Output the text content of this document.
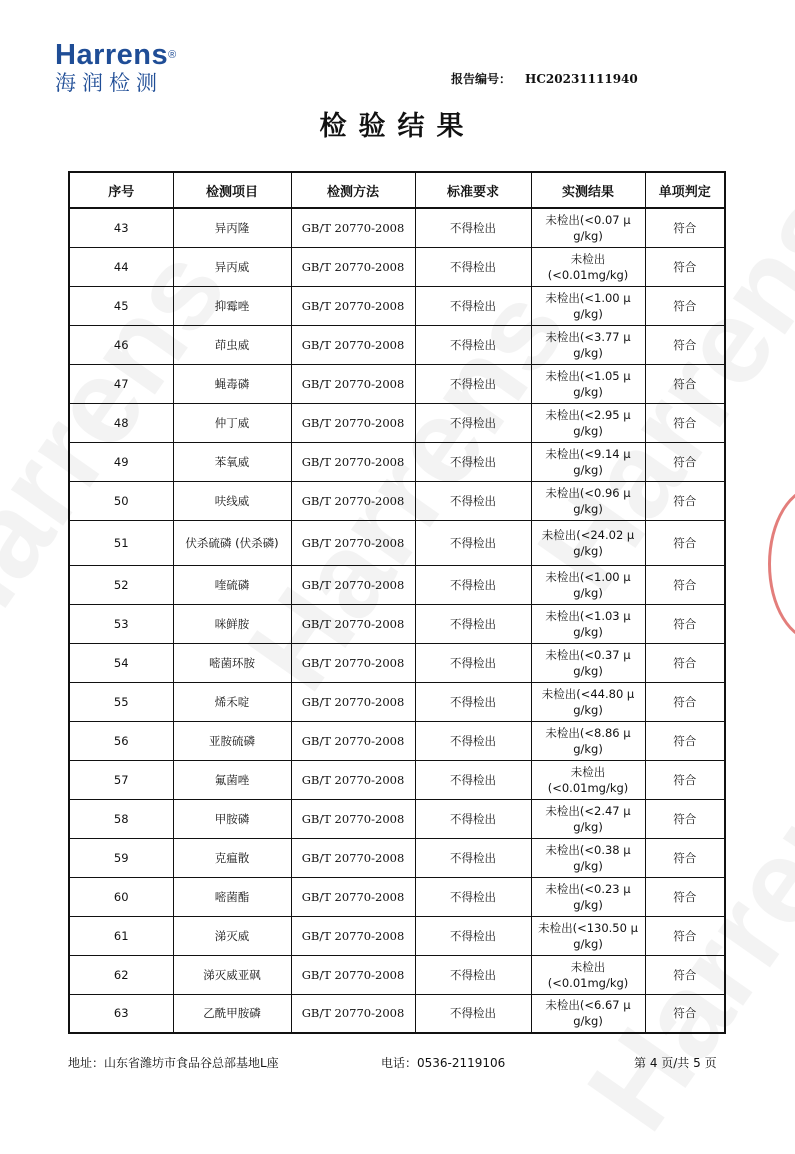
Harrens®
海润检测	报告编号： HC20231111940
检验结果
序号	检测项目	检测方法	标准要求	实测结果	单项判定
43	异丙隆	GB/T 20770-2008	不得检出	未检出(<0.07 μ g/kg)	符合
44	异丙威	GB/T 20770-2008	不得检出	未检出 (<0.01mg/kg)	符合
45	抑霉唑	GB/T 20770-2008	不得检出	未检出(<1.00 μ g/kg)	符合
46	茚虫威	GB/T 20770-2008	不得检出	未检出(<3.77 μ g/kg)	符合
47	蝇毒磷	GB/T 20770-2008	不得检出	未检出(<1.05 μ g/kg)	符合
48	仲丁威	GB/T 20770-2008	不得检出	未检出(<2.95 μ g/kg)	符合
49	苯氧威	GB/T 20770-2008	不得检出	未检出(<9.14 μ g/kg)	符合
50	呋线威	GB/T 20770-2008	不得检出	未检出(<0.96 μ g/kg)	符合
51	伏杀硫磷 (伏杀磷)	GB/T 20770-2008	不得检出	未检出(<24.02 μ g/kg)	符合
52	喹硫磷	GB/T 20770-2008	不得检出	未检出(<1.00 μ g/kg)	符合
53	咪鲜胺	GB/T 20770-2008	不得检出	未检出(<1.03 μ g/kg)	符合
54	嘧菌环胺	GB/T 20770-2008	不得检出	未检出(<0.37 μ g/kg)	符合
55	烯禾啶	GB/T 20770-2008	不得检出	未检出(<44.80 μ g/kg)	符合
56	亚胺硫磷	GB/T 20770-2008	不得检出	未检出(<8.86 μ g/kg)	符合
57	氟菌唑	GB/T 20770-2008	不得检出	未检出 (<0.01mg/kg)	符合
58	甲胺磷	GB/T 20770-2008	不得检出	未检出(<2.47 μ g/kg)	符合
59	克瘟散	GB/T 20770-2008	不得检出	未检出(<0.38 μ g/kg)	符合
60	嘧菌酯	GB/T 20770-2008	不得检出	未检出(<0.23 μ g/kg)	符合
61	涕灭威	GB/T 20770-2008	不得检出	未检出(<130.50 μ g/kg)	符合
62	涕灭威亚砜	GB/T 20770-2008	不得检出	未检出 (<0.01mg/kg)	符合
63	乙酰甲胺磷	GB/T 20770-2008	不得检出	未检出(<6.67 μ g/kg)	符合
地址：山东省潍坊市食品谷总部基地L座	电话：0536-2119106	第 4 页/共 5 页
